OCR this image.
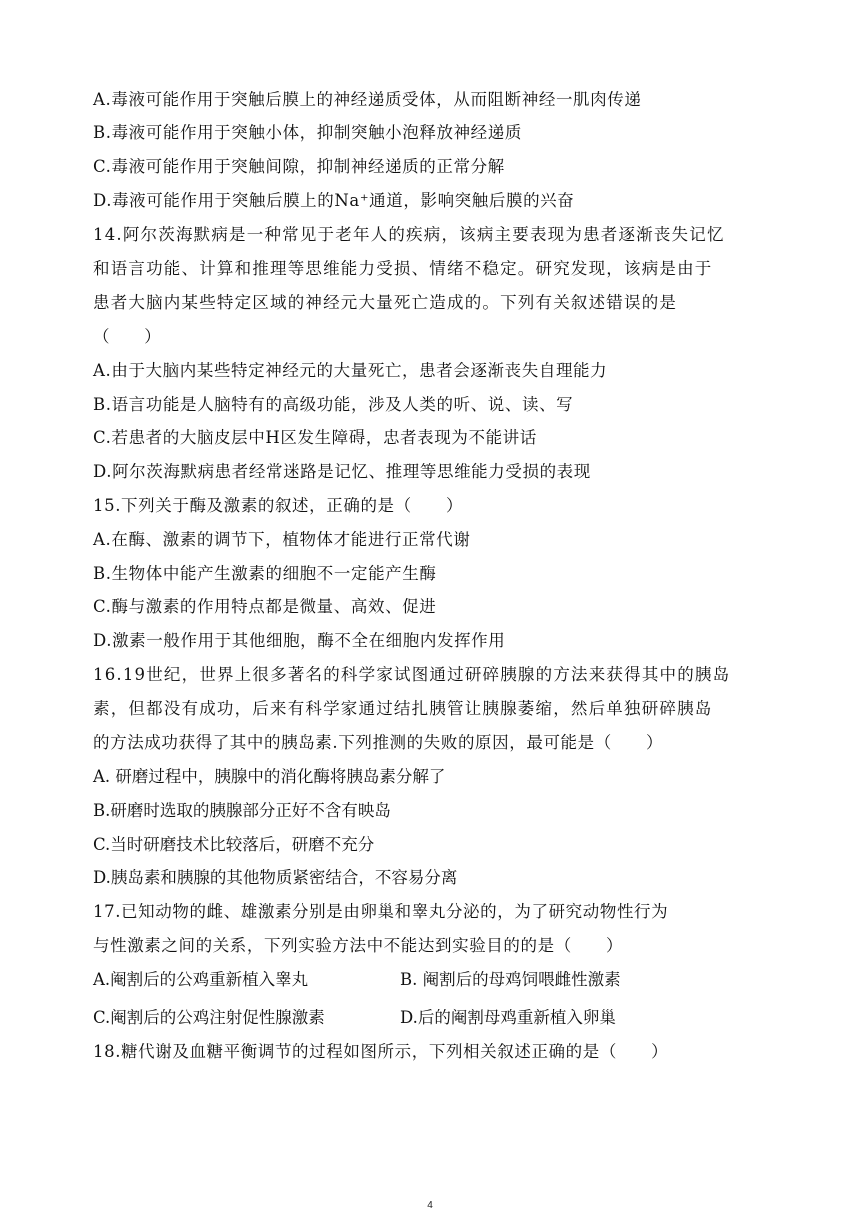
A.毒液可能作用于突触后膜上的神经递质受体，从而阻断神经一肌肉传递
B.毒液可能作用于突触小体，抑制突触小泡释放神经递质
C.毒液可能作用于突触间隙，抑制神经递质的正常分解
D.毒液可能作用于突触后膜上的Na⁺通道，影响突触后膜的兴奋
14.阿尔茨海默病是一种常见于老年人的疾病，该病主要表现为患者逐渐丧失记忆
和语言功能、计算和推理等思维能力受损、情绪不稳定。研究发现，该病是由于
患者大脑内某些特定区域的神经元大量死亡造成的。下列有关叙述错误的是
（　　）
A.由于大脑内某些特定神经元的大量死亡，患者会逐渐丧失自理能力
B.语言功能是人脑特有的高级功能，涉及人类的听、说、读、写
C.若患者的大脑皮层中H区发生障碍，忠者表现为不能讲话
D.阿尔茨海默病患者经常迷路是记忆、推理等思维能力受损的表现
15.下列关于酶及激素的叙述，正确的是（　　）
A.在酶、激素的调节下，植物体才能进行正常代谢
B.生物体中能产生激素的细胞不一定能产生酶
C.酶与激素的作用特点都是微量、高效、促进
D.激素一般作用于其他细胞，酶不全在细胞内发挥作用
16.19世纪，世界上很多著名的科学家试图通过研碎胰腺的方法来获得其中的胰岛
素，但都没有成功，后来有科学家通过结扎胰管让胰腺萎缩，然后单独研碎胰岛
的方法成功获得了其中的胰岛素.下列推测的失败的原因，最可能是（　　）
A. 研磨过程中，胰腺中的消化酶将胰岛素分解了
B.研磨时选取的胰腺部分正好不含有映岛
C.当时研磨技术比较落后，研磨不充分
D.胰岛素和胰腺的其他物质紧密结合，不容易分离
17.已知动物的雌、雄激素分别是由卵巢和睾丸分泌的，为了研究动物性行为
与性激素之间的关系，下列实验方法中不能达到实验目的的是（　　）
A.阉割后的公鸡重新植入睾丸	B. 阉割后的母鸡饲喂雌性激素
C.阉割后的公鸡注射促性腺激素	D.后的阉割母鸡重新植入卵巢
18.糖代谢及血糖平衡调节的过程如图所示，下列相关叙述正确的是（　　）
4
